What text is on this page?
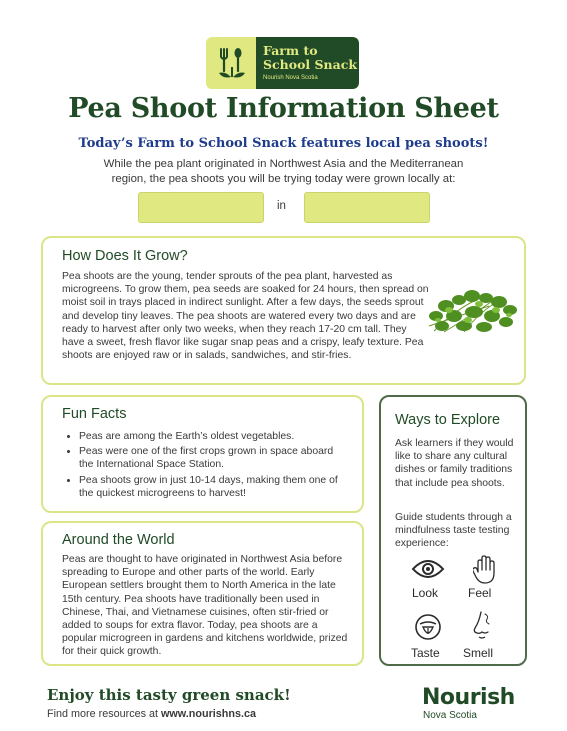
Farm to School Snack
Nourish Nova Scotia
Pea Shoot Information Sheet
Today’s Farm to School Snack features local pea shoots!
While the pea plant originated in Northwest Asia and the Mediterranean region, the pea shoots you will be trying today were grown locally at:
in
How Does It Grow?
Pea shoots are the young, tender sprouts of the pea plant, harvested as microgreens. To grow them, pea seeds are soaked for 24 hours, then spread on moist soil in trays placed in indirect sunlight. After a few days, the seeds sprout and develop tiny leaves. The pea shoots are watered every two days and are ready to harvest after only two weeks, when they reach 17-20 cm tall. They have a sweet, fresh flavor like sugar snap peas and a crispy, leafy texture. Pea shoots are enjoyed raw or in salads, sandwiches, and stir-fries.
Fun Facts
• Peas are among the Earth’s oldest vegetables.
• Peas were one of the first crops grown in space aboard the International Space Station.
• Pea shoots grow in just 10-14 days, making them one of the quickest microgreens to harvest!
Around the World
Peas are thought to have originated in Northwest Asia before spreading to Europe and other parts of the world. Early European settlers brought them to North America in the late 15th century. Pea shoots have traditionally been used in Chinese, Thai, and Vietnamese cuisines, often stir-fried or added to soups for extra flavor. Today, pea shoots are a popular microgreen in gardens and kitchens worldwide, prized for their quick growth.
Ways to Explore
Ask learners if they would like to share any cultural dishes or family traditions that include pea shoots.
Guide students through a mindfulness taste testing experience:
Look Feel
Taste Smell
Enjoy this tasty green snack!
Find more resources at www.nourishns.ca
Nourish
Nova Scotia
